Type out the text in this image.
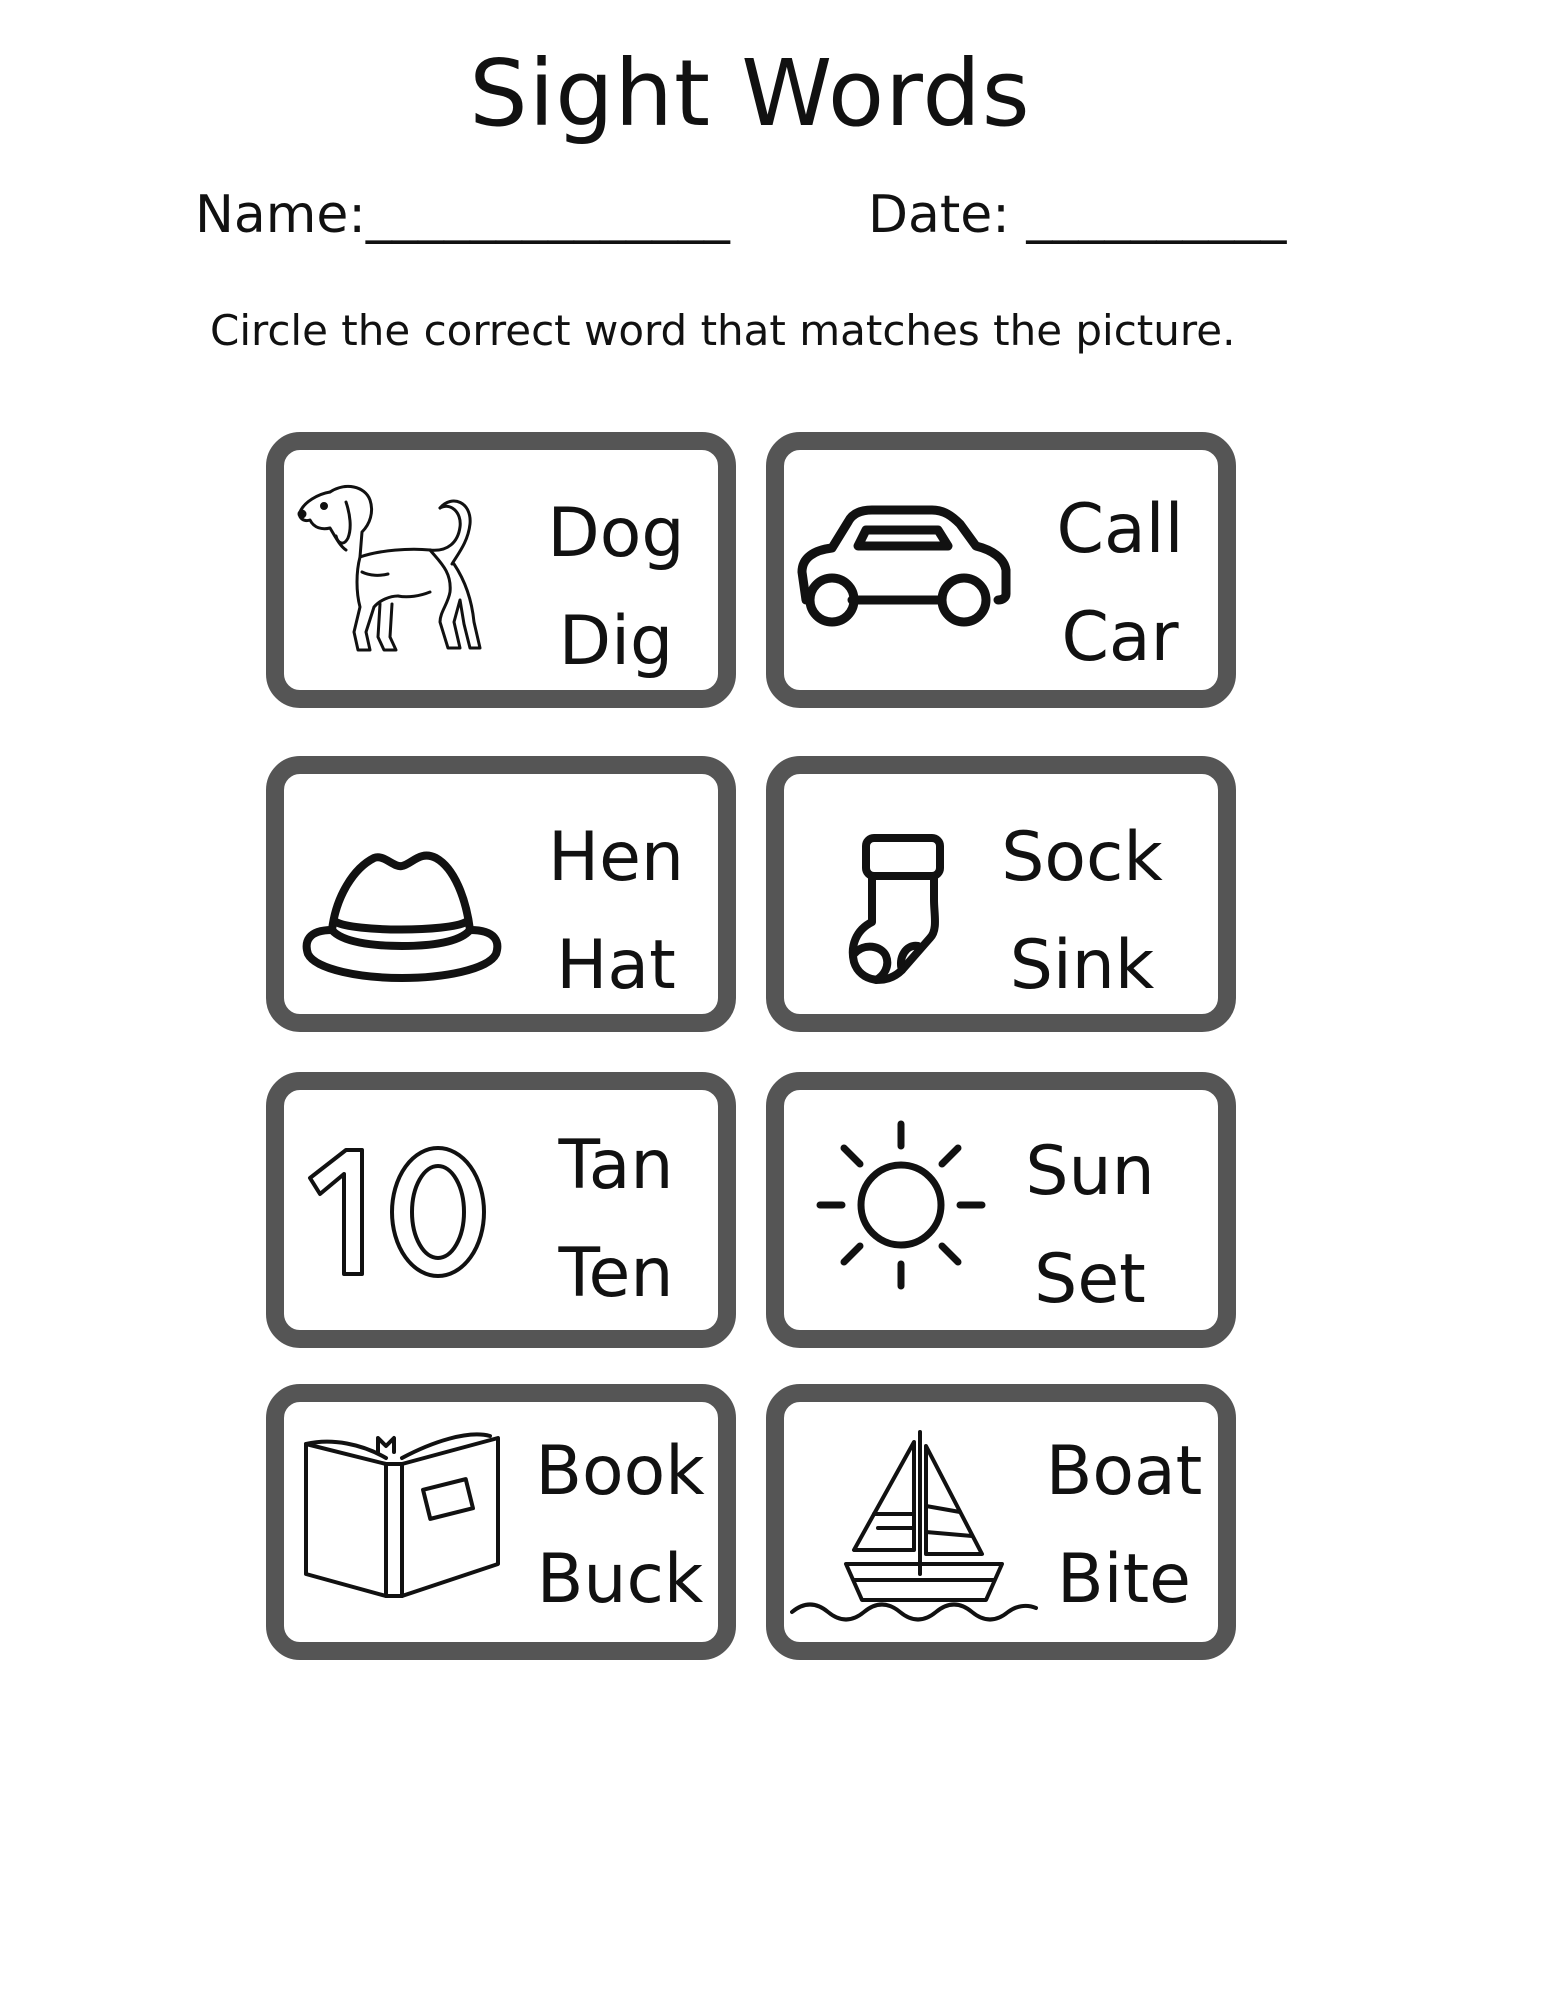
Sight Words
Name:______________	Date: __________
Circle the correct word that matches the picture.
Dog
Dig
Call
Car
Hen
Hat
Sock
Sink
Tan
Ten
Sun
Set
Book
Buck
Boat
Bite
